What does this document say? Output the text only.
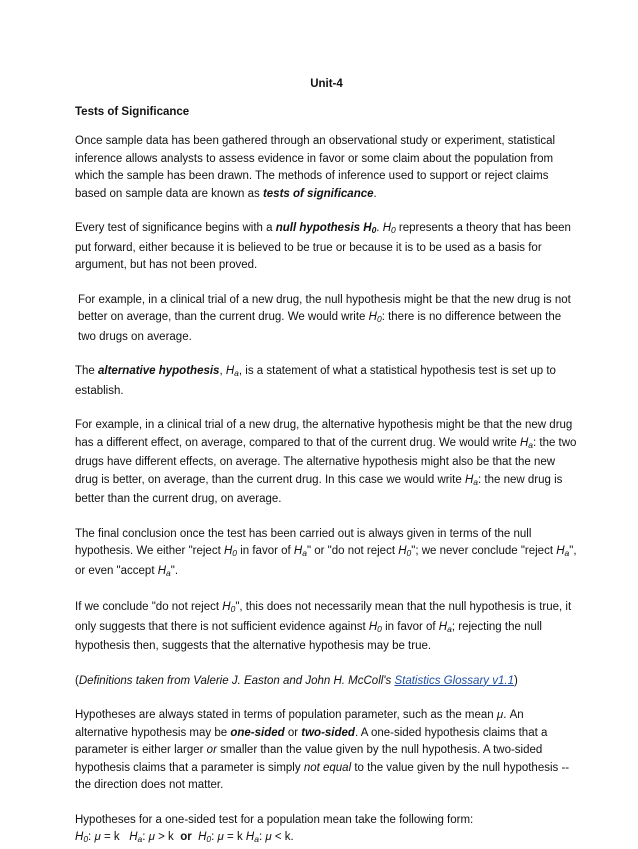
Unit-4
Tests of Significance

Once sample data has been gathered through an observational study or experiment, statistical inference allows analysts to assess evidence in favor or some claim about the population from which the sample has been drawn. The methods of inference used to support or reject claims based on sample data are known as tests of significance.

Every test of significance begins with a null hypothesis $H_0$. $H_0$ represents a theory that has been put forward, either because it is believed to be true or because it is to be used as a basis for argument, but has not been proved.

For example, in a clinical trial of a new drug, the null hypothesis might be that the new drug is not better on average, than the current drug. We would write $H_0$: there is no difference between the two drugs on average.

The alternative hypothesis, $H_a$, is a statement of what a statistical hypothesis test is set up to establish.

For example, in a clinical trial of a new drug, the alternative hypothesis might be that the new drug has a different effect, on average, compared to that of the current drug. We would write $H_a$: the two drugs have different effects, on average. The alternative hypothesis might also be that the new drug is better, on average, than the current drug. In this case we would write $H_a$: the new drug is better than the current drug, on average.

The final conclusion once the test has been carried out is always given in terms of the null hypothesis. We either "reject $H_0$ in favor of $H_a$" or "do not reject $H_0$"; we never conclude "reject $H_a$", or even "accept $H_a$".

If we conclude "do not reject $H_0$", this does not necessarily mean that the null hypothesis is true, it only suggests that there is not sufficient evidence against $H_0$ in favor of $H_a$; rejecting the null hypothesis then, suggests that the alternative hypothesis may be true.

(Definitions taken from Valerie J. Easton and John H. McColl's Statistics Glossary v1.1)

Hypotheses are always stated in terms of population parameter, such as the mean μ. An alternative hypothesis may be one-sided or two-sided. A one-sided hypothesis claims that a parameter is either larger or smaller than the value given by the null hypothesis. A two-sided hypothesis claims that a parameter is simply not equal to the value given by the null hypothesis -- the direction does not matter.

Hypotheses for a one-sided test for a population mean take the following form:
$H_0$: μ = k   $H_a$: μ > k  or $H_0$: μ = k $H_a$: μ < k.
